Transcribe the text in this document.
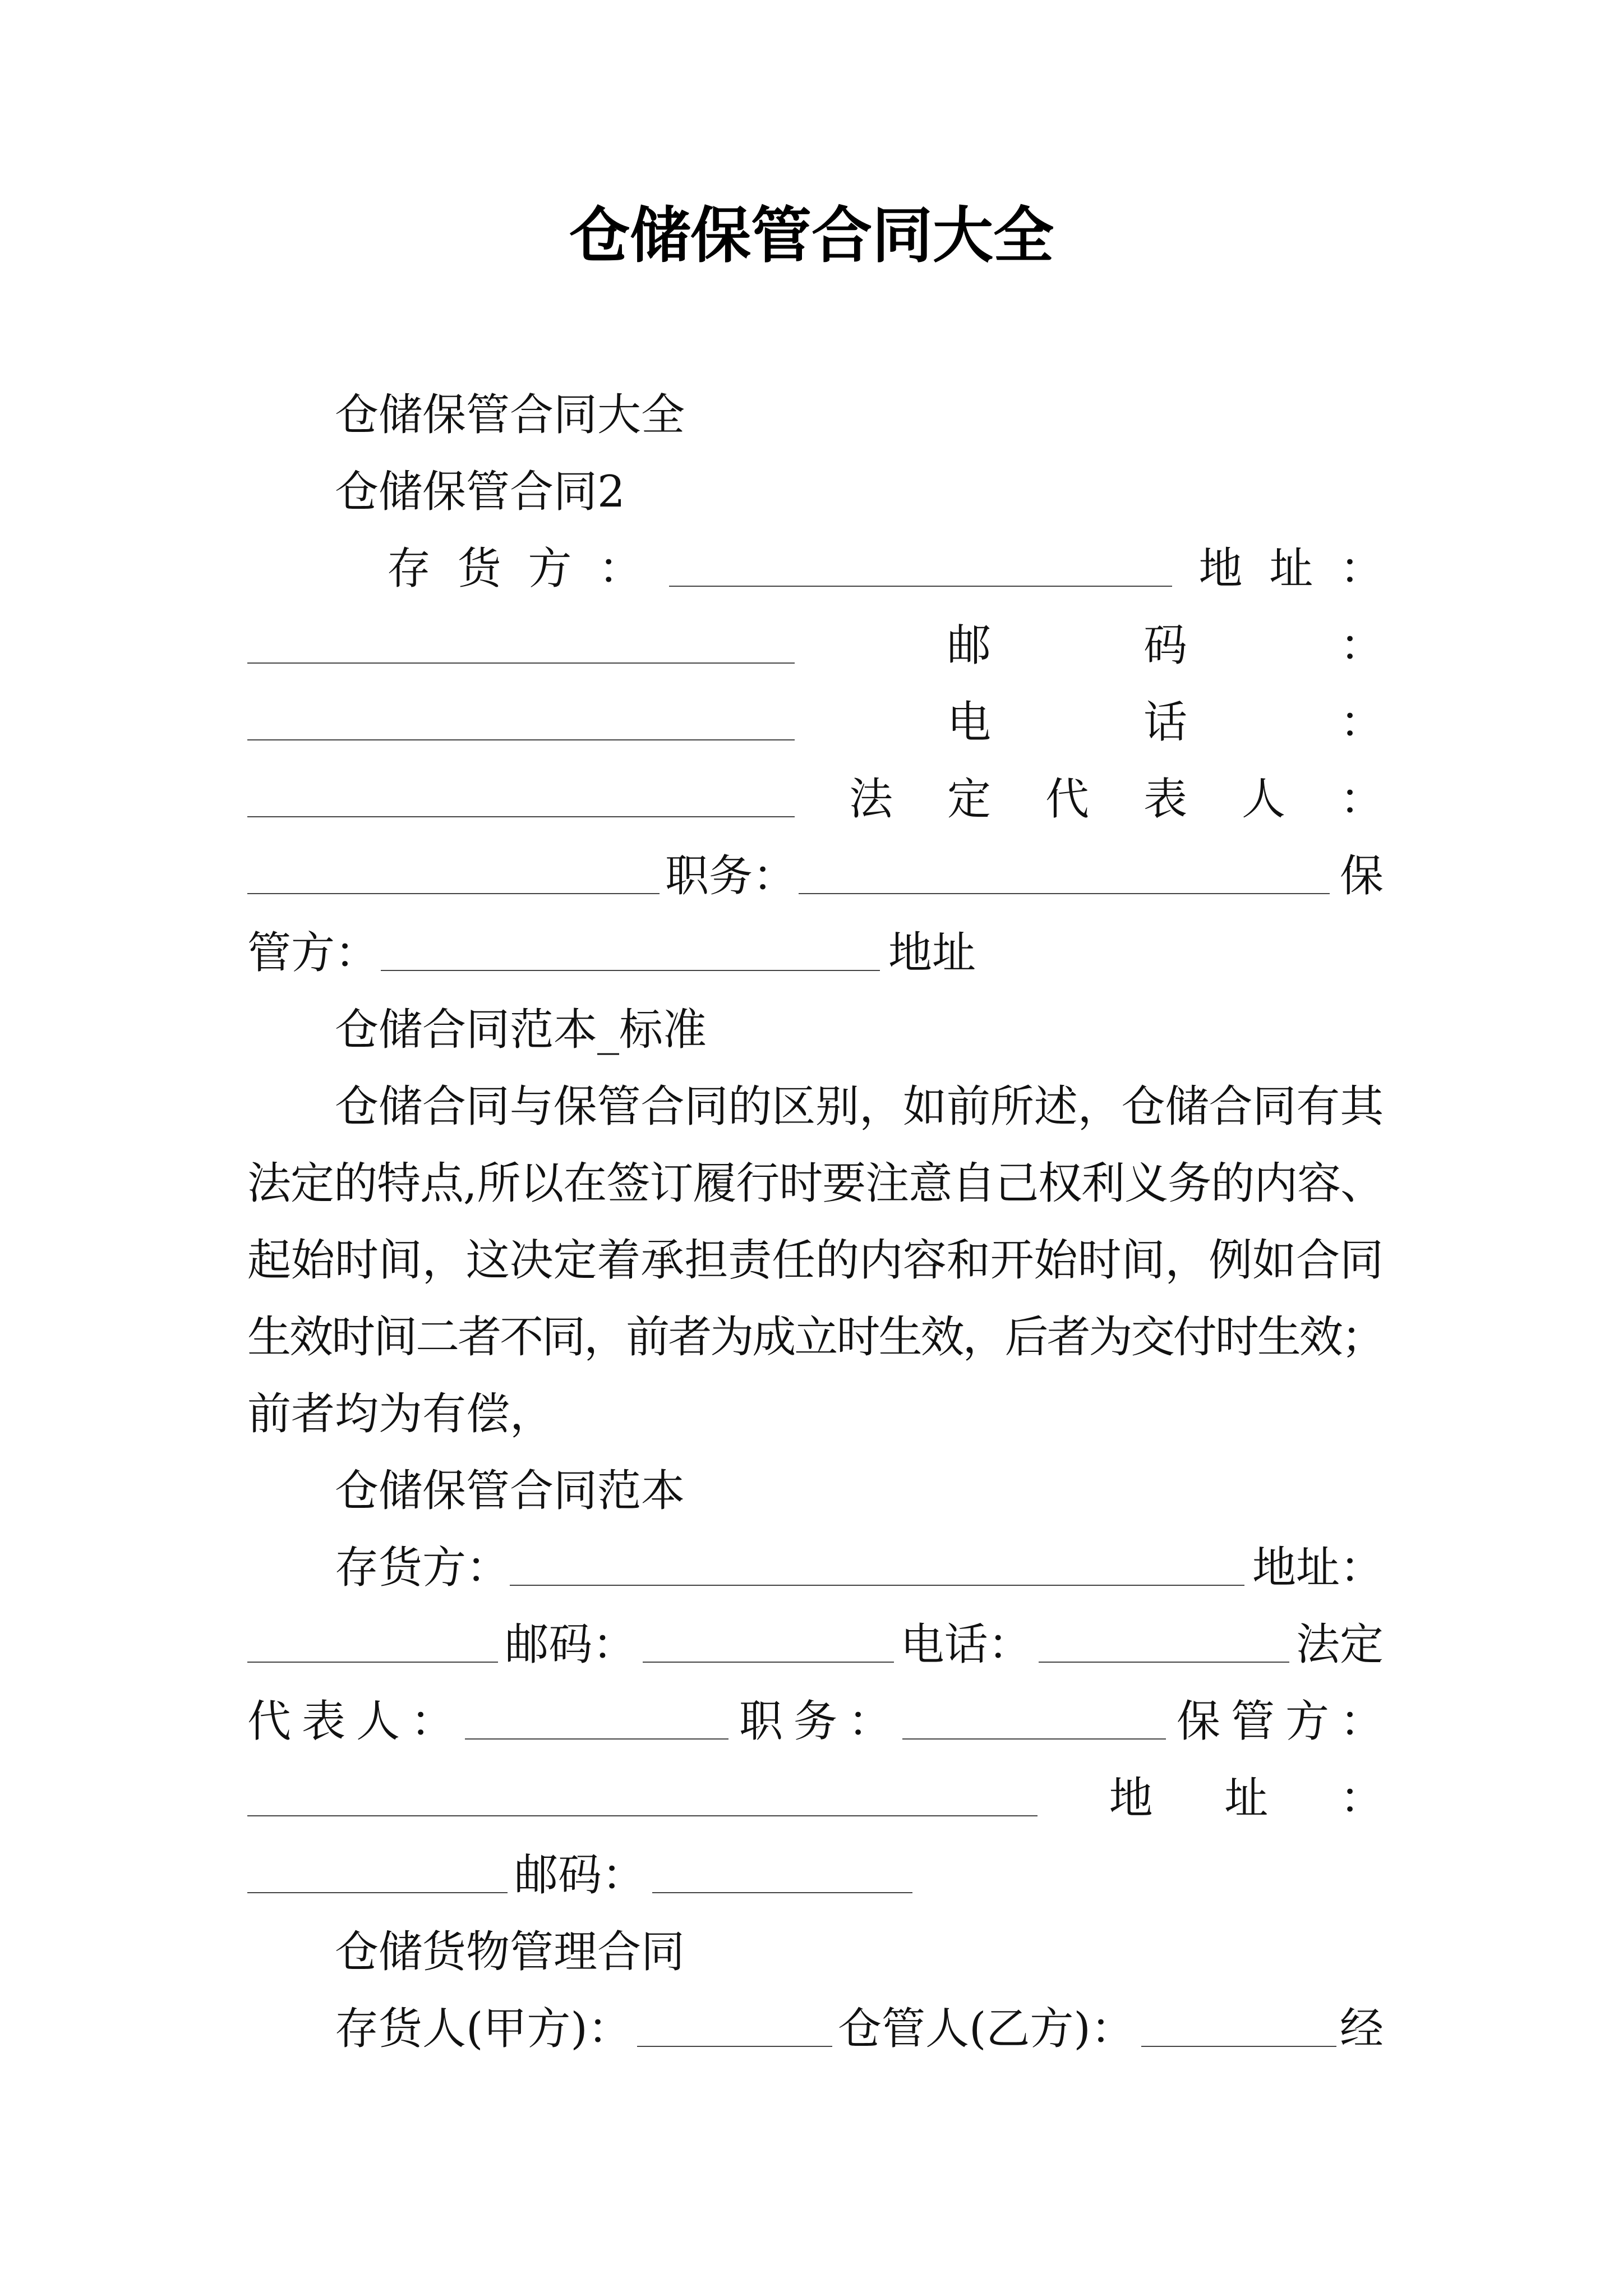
仓储保管合同大全
仓储保管合同大全
仓储保管合同2
存 货 方 ：	地 址 ：
邮	码	：
电	话	：
法 定 代 表 人 ：
职务：	保
管方：	地址
仓储合同范本_标准
仓 储 合 同 与 保 管 合 同 的 区 别 ， 如 前 所 述 ， 仓 储 合 同 有 其
法
定
的
特
点
, 所
以
在
签
订
履
行
时
要
注
意
自
己
权
利
义
务
的
内
容
、
起 始 时 间 ， 这 决 定 着 承 担 责 任 的 内 容 和 开 始 时 间 ， 例 如 合 同
生
效
时
间
二
者
不
同
，
前
者
为
成
立
时
生
效
，
后
者
为
交
付
时
生
效
；
前者均为有偿，
仓储保管合同范本
存货方：	地址：
邮码：	电话：	法定
代 表 人 ：	职 务 ：	保 管 方 ：
地 址 ：
邮码：
仓储货物管理合同
存货人(甲方)：	仓管人(乙方)：	经
